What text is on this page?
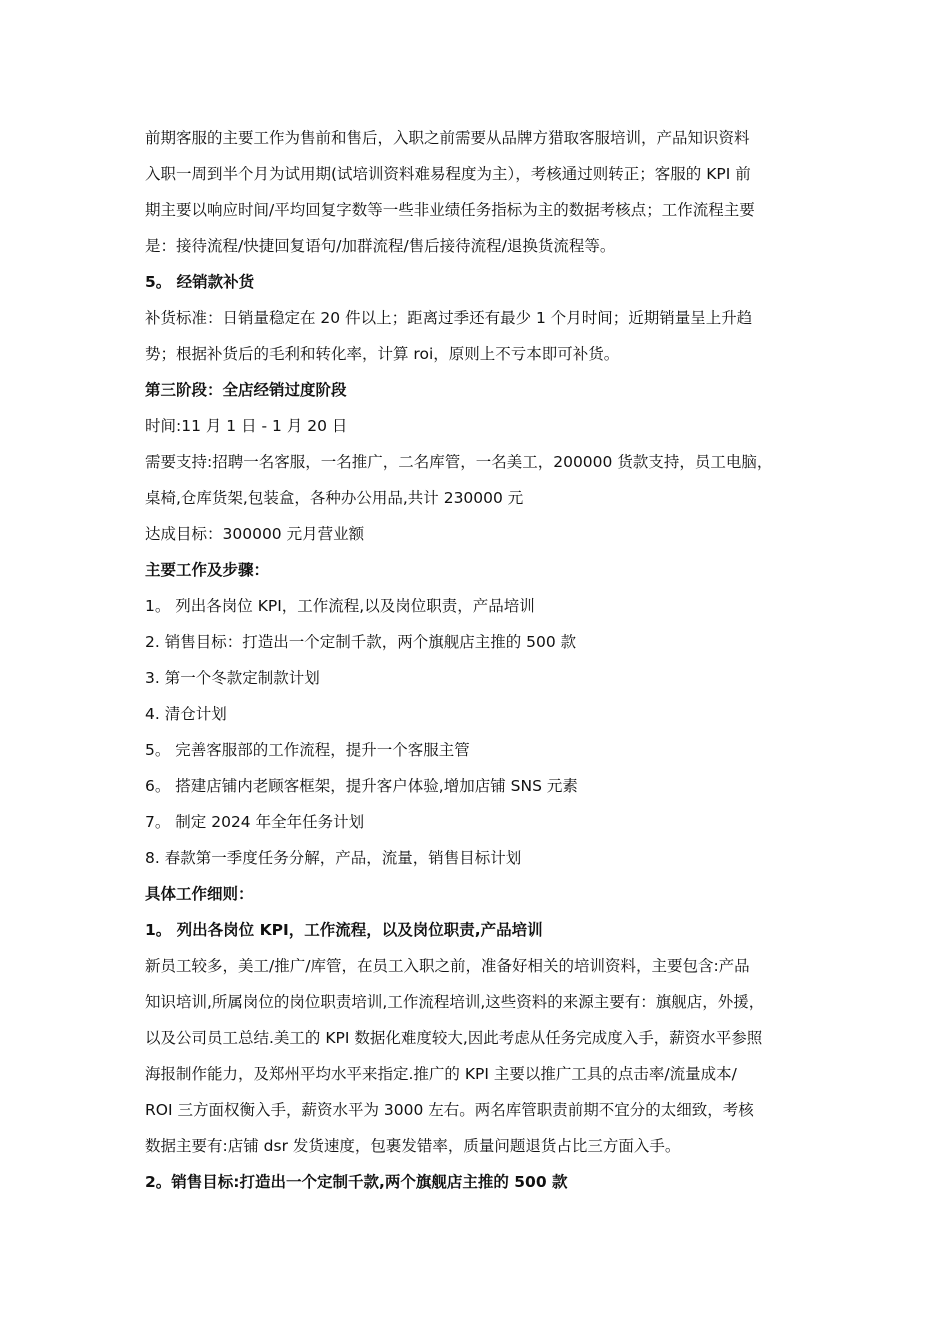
前期客服的主要工作为售前和售后，入职之前需要从品牌方猎取客服培训，产品知识资料
入职一周到半个月为试用期(试培训资料难易程度为主），考核通过则转正；客服的 KPI 前
期主要以响应时间/平均回复字数等一些非业绩任务指标为主的数据考核点；工作流程主要
是：接待流程/快捷回复语句/加群流程/售后接待流程/退换货流程等。
5。 经销款补货
补货标准：日销量稳定在 20 件以上；距离过季还有最少 1 个月时间；近期销量呈上升趋
势；根据补货后的毛利和转化率，计算 roi，原则上不亏本即可补货。
第三阶段：全店经销过度阶段
时间:11 月 1 日 - 1 月 20 日
需要支持:招聘一名客服，一名推广，二名库管，一名美工，200000 货款支持，员工电脑，
桌椅,仓库货架,包装盒，各种办公用品,共计 230000 元
达成目标：300000 元月营业额
主要工作及步骤：
1。 列出各岗位 KPI，工作流程,以及岗位职责，产品培训
2. 销售目标：打造出一个定制千款，两个旗舰店主推的 500 款
3. 第一个冬款定制款计划
4. 清仓计划
5。 完善客服部的工作流程，提升一个客服主管
6。 搭建店铺内老顾客框架，提升客户体验,增加店铺 SNS 元素
7。 制定 2024 年全年任务计划
8. 春款第一季度任务分解，产品，流量，销售目标计划
具体工作细则：
1。 列出各岗位 KPI，工作流程，以及岗位职责,产品培训
新员工较多，美工/推广/库管，在员工入职之前，准备好相关的培训资料，主要包含:产品
知识培训,所属岗位的岗位职责培训,工作流程培训,这些资料的来源主要有：旗舰店，外援，
以及公司员工总结.美工的 KPI 数据化难度较大,因此考虑从任务完成度入手，薪资水平参照
海报制作能力，及郑州平均水平来指定.推广的 KPI 主要以推广工具的点击率/流量成本/
ROI 三方面权衡入手，薪资水平为 3000 左右。两名库管职责前期不宜分的太细致，考核
数据主要有:店铺 dsr 发货速度，包裹发错率，质量问题退货占比三方面入手。
2。销售目标:打造出一个定制千款,两个旗舰店主推的 500 款
